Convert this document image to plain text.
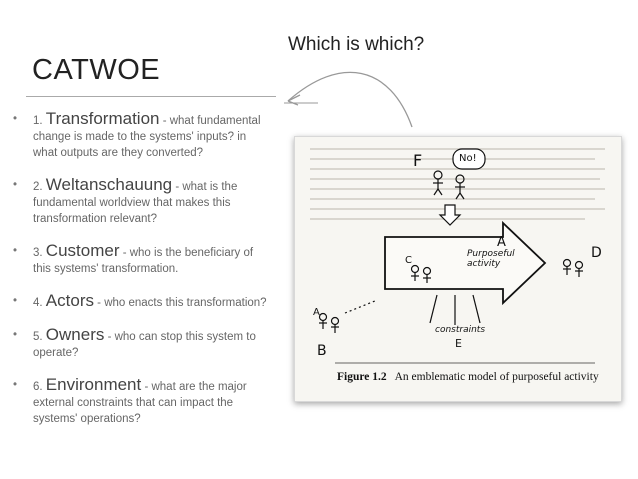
CATWOE
Which is which?
• 1. Transformation - what fundamental change is made to the systems' inputs? in what outputs are they converted?
• 2. Weltanschauung - what is the fundamental worldview that makes this transformation relevant?
• 3. Customer - who is the beneficiary of this systems' transformation.
• 4. Actors - who enacts this transformation?
• 5. Owners - who can stop this system to operate?
• 6. Environment - what are the major external constraints that can impact the systems' operations?
F	No!
A
Purposeful activity
D
C
A
B
constraints
E
Figure 1.2 An emblematic model of purposeful activity
